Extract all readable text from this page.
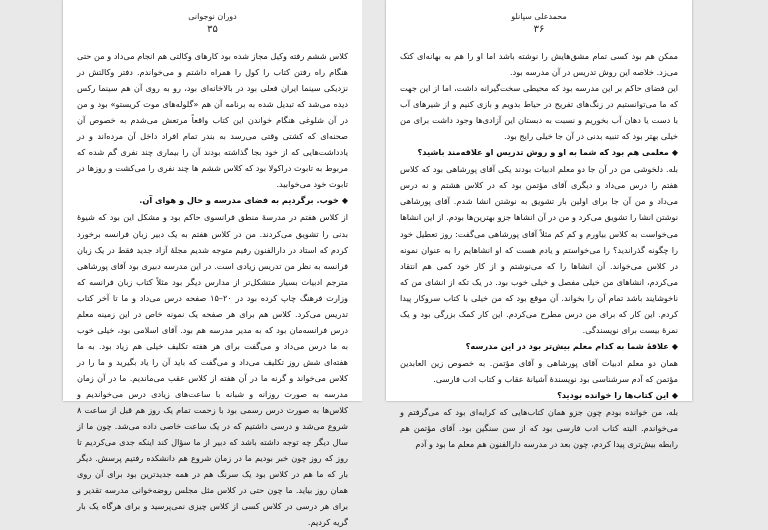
دوران نوجوانی
۳۵

کلاس ششم رفته وکیل مجاز شده بود کارهای وکالتی هم انجام می‌داد و من حتی هنگام راه رفتن کتاب را کول را همراه داشتم و می‌خواندم. دفتر وکالتش در نزدیکی سینما ایران فعلی بود در بالاخانه‌ای بود، رو به روی آن هم سینما رکس دیده می‌شد که تبدیل شده به برنامه آن هم «گلوله‌های موت کریستو» بود و من در آن شلوغی هنگام خواندن این کتاب واقعاً مرتعش می‌شدم به خصوص آن صحنه‌ای که کشتی وقتی می‌رسد به بندر تمام افراد داخل آن مرده‌اند و در یادداشت‌هایی که از خود بجا گذاشته بودند آن را بیماری چند نفری گم شده که مربوط به تابوت دراکولا بود که کلاس ششم ها چند نفری را می‌کشت و روزها در تابوت خود می‌خوابید.

◆خوب. برگردیم به فضای مدرسه و حال و هوای آن.

از کلاس هفتم در مدرسهٔ منطق فرانسوی حاکم بود و مشکل این بود که شیوهٔ بدنی را تشویق می‌کردند. من در کلاس هفتم به یک دبیر زبان فرانسه برخورد کردم که استاد در دارالفنون رفیم متوجه شدیم مجلهٔ آزاد جدید فقط در یک زبان فرانسه به نظر من تدریس زیادی است. در این مدرسه دبیری بود آقای پورشاهی مترجم ادبیات بسیار متشکل‌تر از مدارس دیگر بود مثلاً کتاب زبان فرانسه که وزارت فرهنگ چاپ کرده بود در ۲۰–۱۵ صفحه درس می‌داد و ما تا آخر کتاب تدریس می‌کرد. کلاس هم برای هر صفحه یک نمونه خاص در این زمینه معلم درس فرانسه‌مان بود که به مدیر مدرسه هم بود. آقای اسلامی بود، خیلی خوب به ما درس می‌داد و می‌گفت برای هر هفته تکلیف خیلی هم زیاد بود. به ما هفته‌ای شش روز تکلیف می‌داد و می‌گفت که باید آن را یاد بگیرید و ما را در کلاس می‌خواند و گرنه ما در آن هفته از کلاس عقب می‌ماندیم. ما در آن زمان مدرسه به صورت روزانه و شبانه با ساعت‌های زیادی درس می‌خواندیم و کلاس‌ها به صورت درس رسمی بود با زحمت تمام یک روز هم قبل از ساعت ۸ شروع می‌شد و درسی داشتیم که در یک ساعت خاصی داده می‌شد. چون ما از سال دیگر چه توجه داشته باشد که دبیر از ما سؤال کند اینکه جدی می‌کردیم تا روز که روز چون خبر بودیم ما در زمان شروع هم دانشکده رفتیم پرسش. دیگر بار که ما هم در کلاس بود یک سرنگ هم در همه جدیدترین بود برای آن روی همان روز بیاید. ما چون حتی در کلاس مثل مجلس روضه‌خوانی مدرسه تقدیر و برای هر درسی در کلاس کسی از کلاس چیزی نمی‌پرسید و برای هرگاه یک بار گریه کردیم.

محمدعلی سپانلو
۳۶

ممکن هم بود کسی تمام مشق‌هایش را نوشته باشد اما او را هم به بهانه‌ای کتک می‌زد. خلاصه این روش تدریس در آن مدرسه بود.

این فضای حاکم بر این مدرسه بود که محیطی سخت‌گیرانه داشت، اما از این جهت که ما می‌توانستیم در زنگ‌های تفریح در حیاط بدویم و بازی کنیم و از شیرهای آب با دست یا دهان آب بخوریم و نسبت به دبستان این آزادی‌ها وجود داشت برای من خیلی بهتر بود که تنبیه بدنی در آن جا خیلی رایج بود.

◆معلمی هم بود که شما به او و روش تدریس او علاقه‌مند باشید؟

بله. دلخوشی من در آن جا دو معلم ادبیات بودند یکی آقای پورشاهی بود که کلاس هفتم را درس می‌داد و دیگری آقای مؤتمن بود که در کلاس هشتم و نه درس می‌داد و من آن جا برای اولین بار تشویق به نوشتن انشا شدم. آقای پورشاهی نوشتن انشا را تشویق می‌کرد و من در آن انشا‌ها جزو بهترین‌ها بودم. از این انشاها می‌خواست به کلاس بیاورم و کم کم مثلاً آقای پورشاهی می‌گفت: روز تعطیل خود را چگونه گذراندید؟ را می‌خواستم و یادم هست که او انشاهایم را به عنوان نمونه در کلاس می‌خواند. آن انشا‌ها را که می‌نوشتم و از کار خود کمی هم انتقاد می‌کردم، انشاهای من خیلی مفصل و خیلی خوب بود. در یک تکه از انشای من که ناخوشایند باشد تمام آن را بخواند. آن موقع بود که من خیلی با کتاب سروکار پیدا کردم. این کار که برای من درس مطرح می‌کردم. این کار کمک بزرگی بود و یک نمرهٔ بیست برای نویسندگی.

◆علاقهٔ شما به کدام معلم بیش‌تر بود در این مدرسه؟

همان دو معلم ادبیات آقای پورشاهی و آقای مؤتمن. به خصوص زین العابدین مؤتمن که آدم سرشناسی بود نویسندهٔ آشیانهٔ عقاب و کتاب ادب فارسی.

◆این کتاب‌ها را خوانده بودید؟

بله، من خوانده بودم چون جزو همان کتاب‌هایی که کرایه‌ای بود که می‌گرفتم و می‌خواندم. البته کتاب ادب فارسی بود که از سن سنگین بود. آقای مؤتمن هم رابطه بیش‌تری پیدا کردم، چون بعد در مدرسه دارالفنون هم معلم ما بود و آدم
